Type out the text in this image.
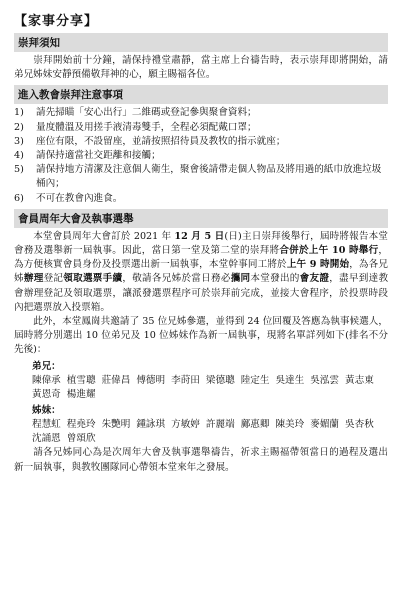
【家事分享】
崇拜須知

崇拜開始前十分鐘，請保持禮堂肅靜，當主席上台禱告時，表示崇拜即將開始，請弟兄姊妹安靜預備敬拜神的心，願主賜福各位。

進入教會崇拜注意事項
1)	請先掃瞄「安心出行」二維碼或登記參與聚會資料；
2)	量度體溫及用搓手液清毒雙手，全程必須配戴口罩；
3)	座位有限，不設留座，並請按照招待員及教牧的指示就座；
4)	請保持適當社交距離和接觸；
5)	請保持地方清潔及注意個人衛生，聚會後請帶走個人物品及將用過的紙巾放進垃圾桶內；
6)	不可在教會內進食。
會員周年大會及執事選舉

本堂會員周年大會訂於 2021 年 12 月 5 日(日)主日崇拜後舉行，屆時將報告本堂會務及選舉新一屆執事。因此，當日第一堂及第二堂的崇拜將合併於上午 10 時舉行，為方便核實會員身份及投票選出新一屆執事，本堂幹事同工將於上午 9 時開始，為各兄姊辦理登記領取選票手續，敬請各兄姊於當日務必攜同本堂發出的會友證，盡早到達教會辦理登記及領取選票，讓派發選票程序可於崇拜前完成，並接大會程序，於投票時段內把選票放入投票箱。

此外，本堂鳳崗共邀請了 35 位兄姊參選，並得到 24 位回覆及答應為執事候選人，屆時將分別選出 10 位弟兄及 10 位姊妹作為新一屆執事，現將名單詳列如下(排名不分先後)：

弟兄：

陳偉承 植雪聰 莊偉昌 傅德明 李莳田 梁德聰 陸定生 吳達生 吳泓雲 黃志東黃恩奇 楊進耀

姊妹：

程慧虹 程堯玲 朱艷明 鍾詠琪 方敏婷 許麗端 鄺惠卿 陳美玲 麥媚蘭 吳杏秋沈誦恩 曾頌欣

請各兄姊同心為是次周年大會及執事選舉禱告，祈求主賜福帶領當日的過程及選出新一屆執事，與教牧團隊同心帶領本堂來年之發展。
